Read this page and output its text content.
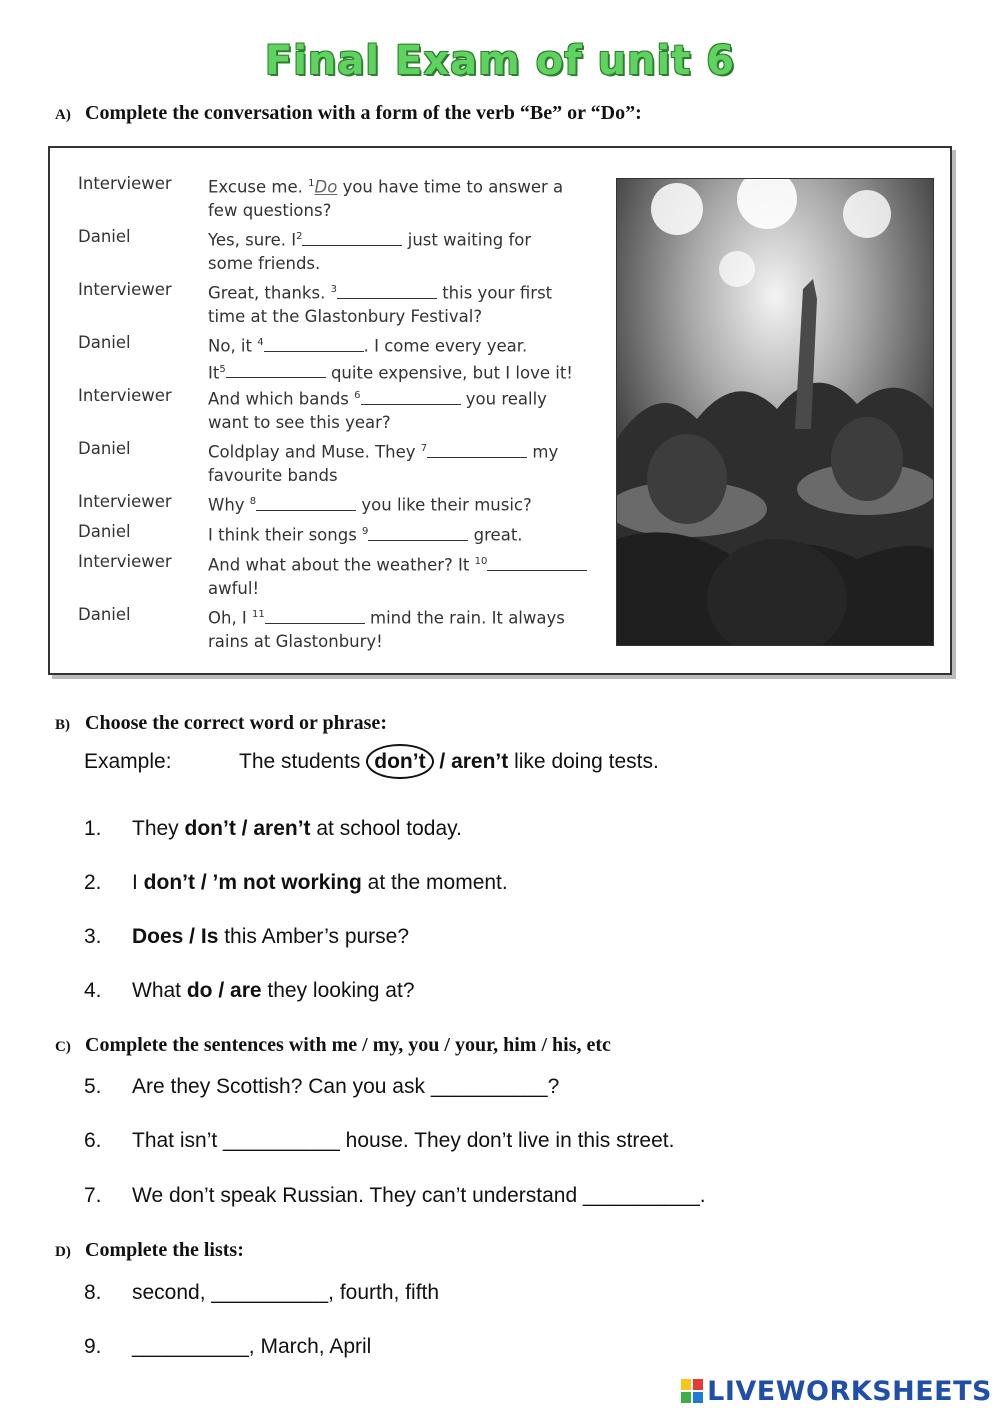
Final Exam of unit 6
A) Complete the conversation with a form of the verb “Be” or “Do”:
Interviewer	Excuse me. $^1$Do you have time to answer a
few questions?
Daniel	Yes, sure. $I^2$	just waiting for
some friends.
Interviewer	Great, thanks. $^3$	this your first
time at the Glastonbury Festival?
Daniel	No, it $^4$	. I come every year.
It$^5$	quite expensive, but I love it!
Interviewer	And which bands $^6$	you really
want to see this year?
Daniel	Coldplay and Muse. They $^7$	my
favourite bands
Interviewer	Why $^8$	you like their music?
Daniel	I think their songs $^9$	great.
Interviewer	And what about the weather? It $^{10}$
awful!
Daniel	Oh, I $^{11}$	mind the rain. It always
rains at Glastonbury!
B) Choose the correct word or phrase:
Example:	The students don’t / aren’t like doing tests.
1. They don’t / aren’t at school today.
2. I don’t / ’m not working at the moment.
3. Does / Is this Amber’s purse?
4. What do / are they looking at?
C) Complete the sentences with me / my, you / your, him / his, etc
5. Are they Scottish? Can you ask __________?
6. That isn’t __________ house. They don’t live in this street.
7. We don’t speak Russian. They can’t understand __________.
D) Complete the lists:
8. second, __________, fourth, fifth
9. __________, March, April
LIVEWORKSHEETS
